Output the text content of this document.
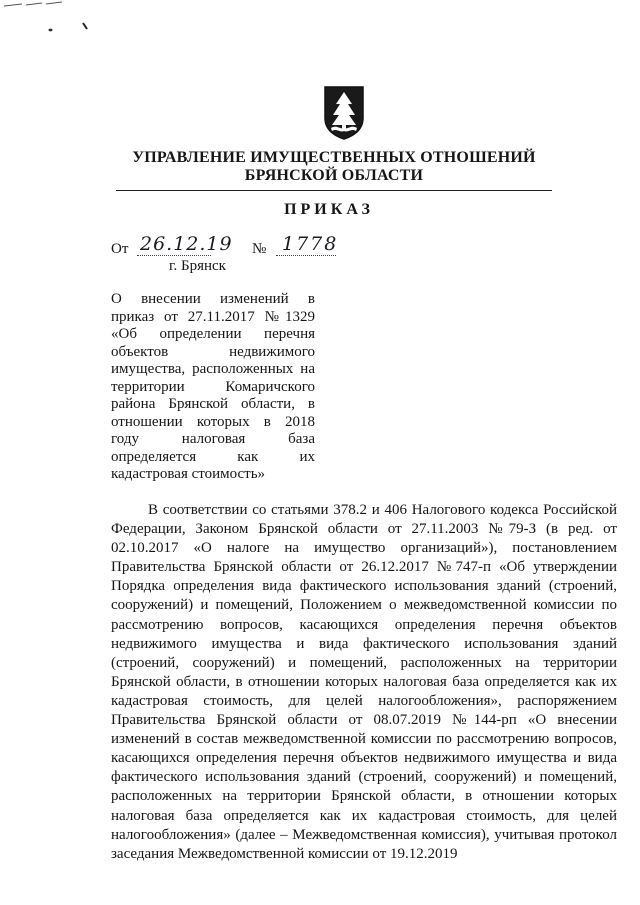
УПРАВЛЕНИЕ ИМУЩЕСТВЕННЫХ ОТНОШЕНИЙ
БРЯНСКОЙ ОБЛАСТИ
ПРИКАЗ
От 26.12.19 № 1778
г. Брянск
О внесении изменений в приказ от 27.11.2017 №1329 «Об определении перечня объектов недвижимого имущества, расположенных на территории Комаричского района Брянской области, в отношении которых в 2018 году налоговая база определяется как их кадастровая стоимость»

В соответствии со статьями 378.2 и 406 Налогового кодекса Российской Федерации, Законом Брянской области от 27.11.2003 №79-З (в ред. от 02.10.2017 «О налоге на имущество организаций»), постановлением Правительства Брянской области от 26.12.2017 №747-п «Об утверждении Порядка определения вида фактического использования зданий (строений, сооружений) и помещений, Положением о межведомственной комиссии по рассмотрению вопросов, касающихся определения перечня объектов недвижимого имущества и вида фактического использования зданий (строений, сооружений) и помещений, расположенных на территории Брянской области, в отношении которых налоговая база определяется как их кадастровая стоимость, для целей налогообложения», распоряжением Правительства Брянской области от 08.07.2019 №144-рп «О внесении изменений в состав межведомственной комиссии по рассмотрению вопросов, касающихся определения перечня объектов недвижимого имущества и вида фактического использования зданий (строений, сооружений) и помещений, расположенных на территории Брянской области, в отношении которых налоговая база определяется как их кадастровая стоимость, для целей налогообложения» (далее – Межведомственная комиссия), учитывая протокол заседания Межведомственной комиссии от 19.12.2019
